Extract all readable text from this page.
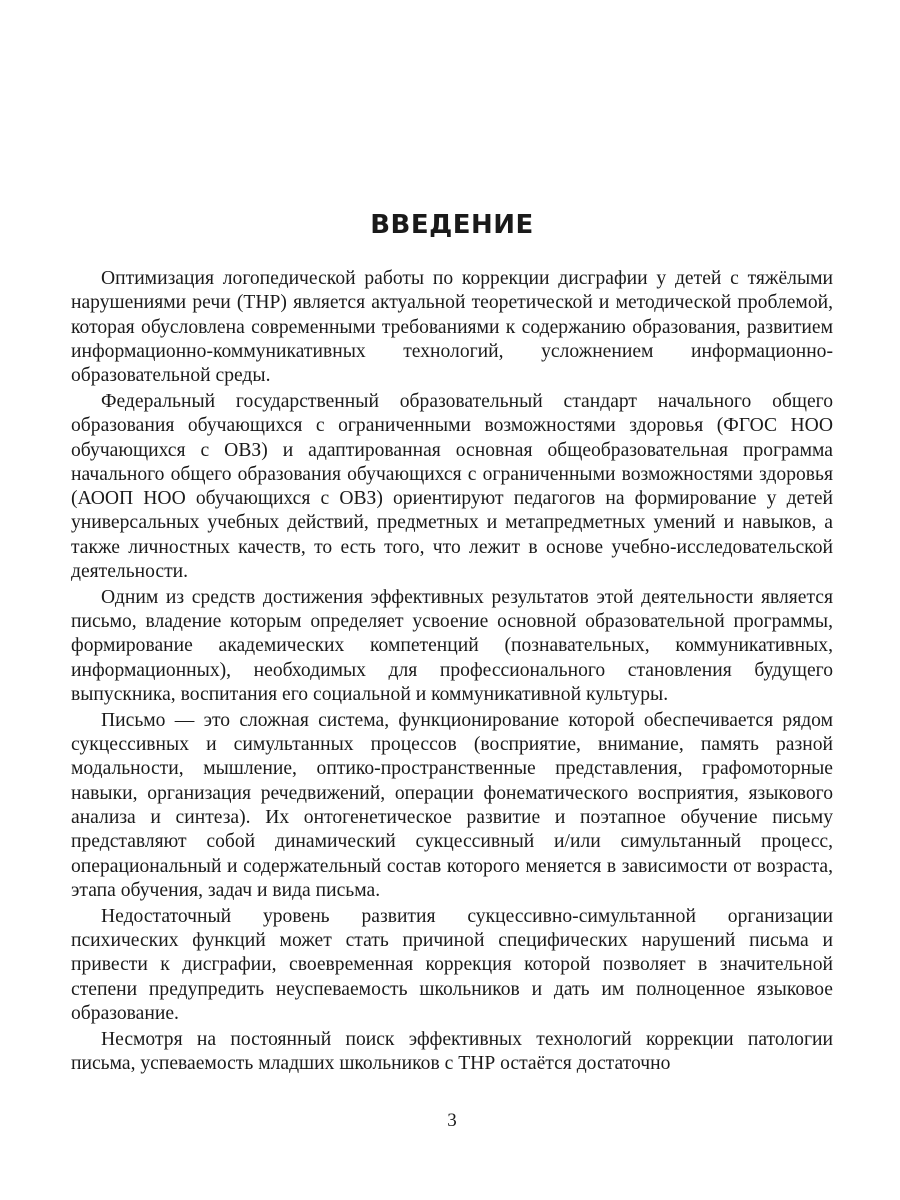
ВВЕДЕНИЕ

Оптимизация логопедической работы по коррекции дисграфии у детей с тяжёлыми нарушениями речи (ТНР) является актуальной теоретической и методической проблемой, которая обусловлена современными требованиями к содержанию образования, развитием информационно-коммуникативных технологий, усложнением информационно-образовательной среды.

Федеральный государственный образовательный стандарт начального общего образования обучающихся с ограниченными возможностями здоровья (ФГОС НОО обучающихся с ОВЗ) и адаптированная основная общеобразовательная программа начального общего образования обучающихся с ограниченными возможностями здоровья (АООП НОО обучающихся с ОВЗ) ориентируют педагогов на формирование у детей универсальных учебных действий, предметных и метапредметных умений и навыков, а также личностных качеств, то есть того, что лежит в основе учебно-исследовательской деятельности.

Одним из средств достижения эффективных результатов этой деятельности является письмо, владение которым определяет усвоение основной образовательной программы, формирование академических компетенций (познавательных, коммуникативных, информационных), необходимых для профессионального становления будущего выпускника, воспитания его социальной и коммуникативной культуры.

Письмо — это сложная система, функционирование которой обеспечивается рядом сукцессивных и симультанных процессов (восприятие, внимание, память разной модальности, мышление, оптико-пространственные представления, графомоторные навыки, организация речедвижений, операции фонематического восприятия, языкового анализа и синтеза). Их онтогенетическое развитие и поэтапное обучение письму представляют собой динамический сукцессивный и/или симультанный процесс, операциональный и содержательный состав которого меняется в зависимости от возраста, этапа обучения, задач и вида письма.

Недостаточный уровень развития сукцессивно-симультанной организации психических функций может стать причиной специфических нарушений письма и привести к дисграфии, своевременная коррекция которой позволяет в значительной степени предупредить неуспеваемость школьников и дать им полноценное языковое образование.

Несмотря на постоянный поиск эффективных технологий коррекции патологии письма, успеваемость младших школьников с ТНР остаётся достаточно

3
